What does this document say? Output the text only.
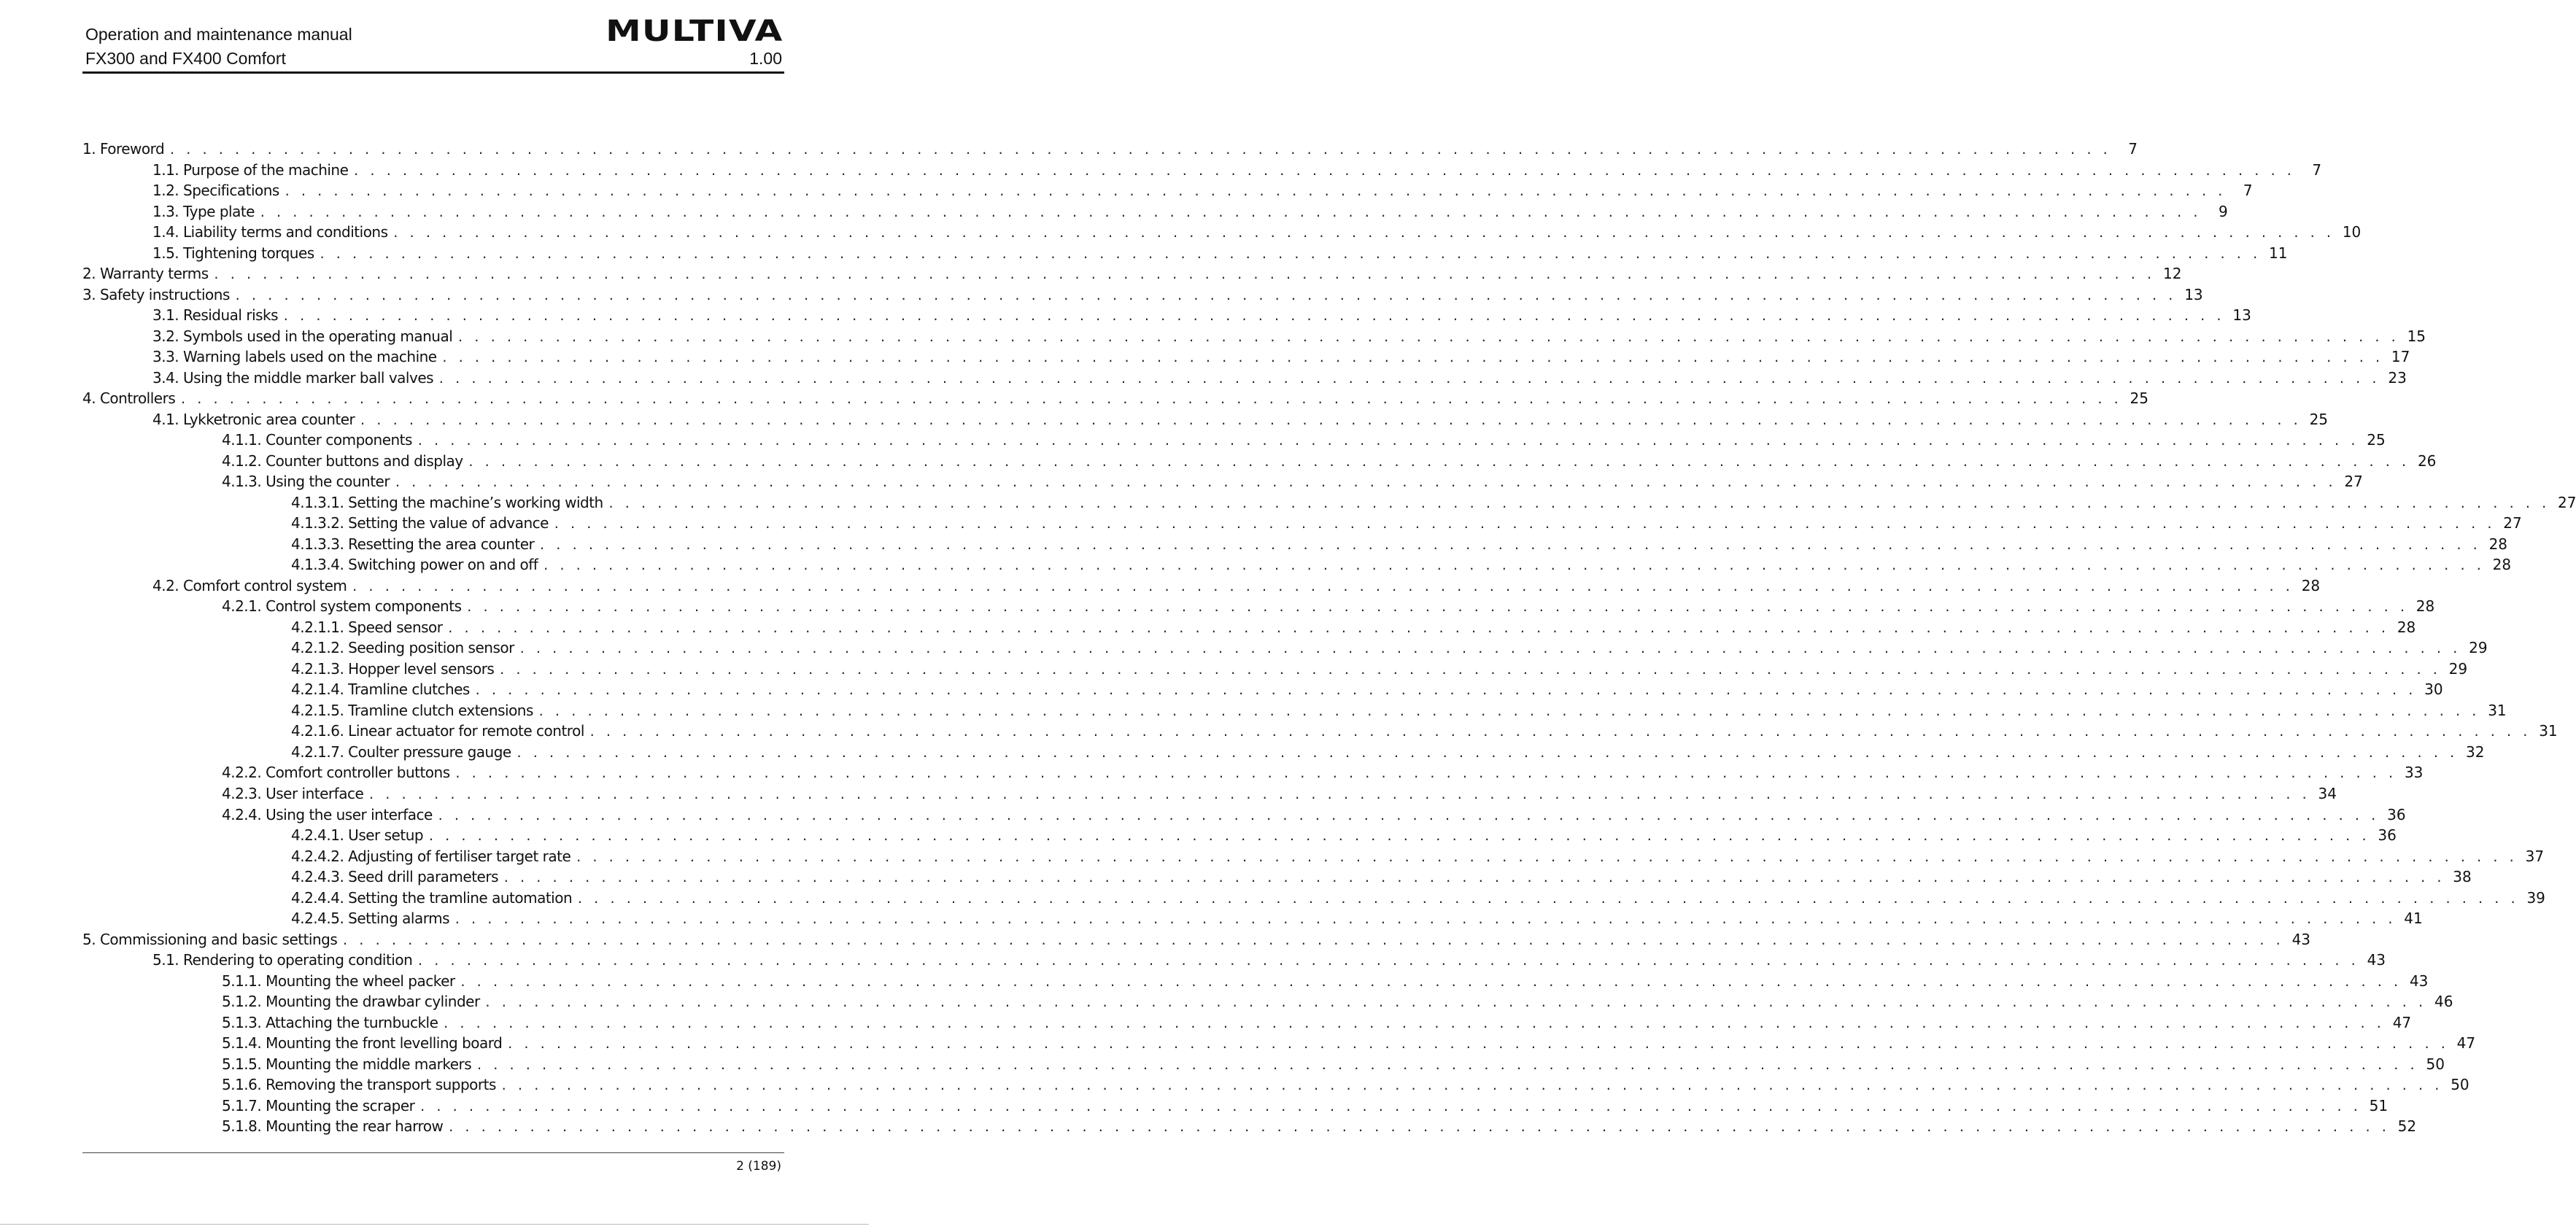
Operation and maintenance manual
FX300 and FX400 Comfort
MULTIVA
1.00
1. Foreword . . . . . . . . . . . . . . . . . . . . . . . . . . . . . . . . . . . . . . . . . . . . . . . . . . . . . . . . . . . . . . . . . . . . . . . . . . . . . . . . . . . . . . . . . . . . . . . . . . . . . . . . . . . . . . . . . . . . . . . .	7
1.1. Purpose of the machine . . . . . . . . . . . . . . . . . . . . . . . . . . . . . . . . . . . . . . . . . . . . . . . . . . . . . . . . . . . . . . . . . . . . . . . . . . . . . . . . . . . . . . . . . . . . . . . . . . . . . . . . . . . . . . . . . . . . . . . .	7
1.2. Specifications . . . . . . . . . . . . . . . . . . . . . . . . . . . . . . . . . . . . . . . . . . . . . . . . . . . . . . . . . . . . . . . . . . . . . . . . . . . . . . . . . . . . . . . . . . . . . . . . . . . . . . . . . . . . . . . . . . . . . . . .	7
1.3. Type plate . . . . . . . . . . . . . . . . . . . . . . . . . . . . . . . . . . . . . . . . . . . . . . . . . . . . . . . . . . . . . . . . . . . . . . . . . . . . . . . . . . . . . . . . . . . . . . . . . . . . . . . . . . . . . . . . . . . . . . . .	9
1.4. Liability terms and conditions . . . . . . . . . . . . . . . . . . . . . . . . . . . . . . . . . . . . . . . . . . . . . . . . . . . . . . . . . . . . . . . . . . . . . . . . . . . . . . . . . . . . . . . . . . . . . . . . . . . . . . . . . . . . . . . . . . . . . . . . 10
1.5. Tightening torques . . . . . . . . . . . . . . . . . . . . . . . . . . . . . . . . . . . . . . . . . . . . . . . . . . . . . . . . . . . . . . . . . . . . . . . . . . . . . . . . . . . . . . . . . . . . . . . . . . . . . . . . . . . . . . . . . . . . . . . . 11
2. Warranty terms . . . . . . . . . . . . . . . . . . . . . . . . . . . . . . . . . . . . . . . . . . . . . . . . . . . . . . . . . . . . . . . . . . . . . . . . . . . . . . . . . . . . . . . . . . . . . . . . . . . . . . . . . . . . . . . . . . . . . . . . 12
3. Safety instructions . . . . . . . . . . . . . . . . . . . . . . . . . . . . . . . . . . . . . . . . . . . . . . . . . . . . . . . . . . . . . . . . . . . . . . . . . . . . . . . . . . . . . . . . . . . . . . . . . . . . . . . . . . . . . . . . . . . . . . . . 13
3.1. Residual risks . . . . . . . . . . . . . . . . . . . . . . . . . . . . . . . . . . . . . . . . . . . . . . . . . . . . . . . . . . . . . . . . . . . . . . . . . . . . . . . . . . . . . . . . . . . . . . . . . . . . . . . . . . . . . . . . . . . . . . . . 13
3.2. Symbols used in the operating manual . . . . . . . . . . . . . . . . . . . . . . . . . . . . . . . . . . . . . . . . . . . . . . . . . . . . . . . . . . . . . . . . . . . . . . . . . . . . . . . . . . . . . . . . . . . . . . . . . . . . . . . . . . . . . . . . . . . . . . . . 15
3.3. Warning labels used on the machine . . . . . . . . . . . . . . . . . . . . . . . . . . . . . . . . . . . . . . . . . . . . . . . . . . . . . . . . . . . . . . . . . . . . . . . . . . . . . . . . . . . . . . . . . . . . . . . . . . . . . . . . . . . . . . . . . . . . . . . . 17
3.4. Using the middle marker ball valves . . . . . . . . . . . . . . . . . . . . . . . . . . . . . . . . . . . . . . . . . . . . . . . . . . . . . . . . . . . . . . . . . . . . . . . . . . . . . . . . . . . . . . . . . . . . . . . . . . . . . . . . . . . . . . . . . . . . . . . . 23
4. Controllers . . . . . . . . . . . . . . . . . . . . . . . . . . . . . . . . . . . . . . . . . . . . . . . . . . . . . . . . . . . . . . . . . . . . . . . . . . . . . . . . . . . . . . . . . . . . . . . . . . . . . . . . . . . . . . . . . . . . . . . . 25
4.1. Lykketronic area counter . . . . . . . . . . . . . . . . . . . . . . . . . . . . . . . . . . . . . . . . . . . . . . . . . . . . . . . . . . . . . . . . . . . . . . . . . . . . . . . . . . . . . . . . . . . . . . . . . . . . . . . . . . . . . . . . . . . . . . . . 25
4.1.1. Counter components . . . . . . . . . . . . . . . . . . . . . . . . . . . . . . . . . . . . . . . . . . . . . . . . . . . . . . . . . . . . . . . . . . . . . . . . . . . . . . . . . . . . . . . . . . . . . . . . . . . . . . . . . . . . . . . . . . . . . . . . 25
4.1.2. Counter buttons and display . . . . . . . . . . . . . . . . . . . . . . . . . . . . . . . . . . . . . . . . . . . . . . . . . . . . . . . . . . . . . . . . . . . . . . . . . . . . . . . . . . . . . . . . . . . . . . . . . . . . . . . . . . . . . . . . . . . . . . . . 26
4.1.3. Using the counter . . . . . . . . . . . . . . . . . . . . . . . . . . . . . . . . . . . . . . . . . . . . . . . . . . . . . . . . . . . . . . . . . . . . . . . . . . . . . . . . . . . . . . . . . . . . . . . . . . . . . . . . . . . . . . . . . . . . . . . . 27
4.1.3.1. Setting the machine’s working width . . . . . . . . . . . . . . . . . . . . . . . . . . . . . . . . . . . . . . . . . . . . . . . . . . . . . . . . . . . . . . . . . . . . . . . . . . . . . . . . . . . . . . . . . . . . . . . . . . . . . . . . . . . . . . . . . . . . . . . . 27
4.1.3.2. Setting the value of advance . . . . . . . . . . . . . . . . . . . . . . . . . . . . . . . . . . . . . . . . . . . . . . . . . . . . . . . . . . . . . . . . . . . . . . . . . . . . . . . . . . . . . . . . . . . . . . . . . . . . . . . . . . . . . . . . . . . . . . . . 27
4.1.3.3. Resetting the area counter . . . . . . . . . . . . . . . . . . . . . . . . . . . . . . . . . . . . . . . . . . . . . . . . . . . . . . . . . . . . . . . . . . . . . . . . . . . . . . . . . . . . . . . . . . . . . . . . . . . . . . . . . . . . . . . . . . . . . . . . 28
4.1.3.4. Switching power on and off . . . . . . . . . . . . . . . . . . . . . . . . . . . . . . . . . . . . . . . . . . . . . . . . . . . . . . . . . . . . . . . . . . . . . . . . . . . . . . . . . . . . . . . . . . . . . . . . . . . . . . . . . . . . . . . . . . . . . . . . 28
4.2. Comfort control system . . . . . . . . . . . . . . . . . . . . . . . . . . . . . . . . . . . . . . . . . . . . . . . . . . . . . . . . . . . . . . . . . . . . . . . . . . . . . . . . . . . . . . . . . . . . . . . . . . . . . . . . . . . . . . . . . . . . . . . . 28
4.2.1. Control system components . . . . . . . . . . . . . . . . . . . . . . . . . . . . . . . . . . . . . . . . . . . . . . . . . . . . . . . . . . . . . . . . . . . . . . . . . . . . . . . . . . . . . . . . . . . . . . . . . . . . . . . . . . . . . . . . . . . . . . . . 28
4.2.1.1. Speed sensor . . . . . . . . . . . . . . . . . . . . . . . . . . . . . . . . . . . . . . . . . . . . . . . . . . . . . . . . . . . . . . . . . . . . . . . . . . . . . . . . . . . . . . . . . . . . . . . . . . . . . . . . . . . . . . . . . . . . . . . . 28
4.2.1.2. Seeding position sensor . . . . . . . . . . . . . . . . . . . . . . . . . . . . . . . . . . . . . . . . . . . . . . . . . . . . . . . . . . . . . . . . . . . . . . . . . . . . . . . . . . . . . . . . . . . . . . . . . . . . . . . . . . . . . . . . . . . . . . . . 29
4.2.1.3. Hopper level sensors . . . . . . . . . . . . . . . . . . . . . . . . . . . . . . . . . . . . . . . . . . . . . . . . . . . . . . . . . . . . . . . . . . . . . . . . . . . . . . . . . . . . . . . . . . . . . . . . . . . . . . . . . . . . . . . . . . . . . . . . 29
4.2.1.4. Tramline clutches . . . . . . . . . . . . . . . . . . . . . . . . . . . . . . . . . . . . . . . . . . . . . . . . . . . . . . . . . . . . . . . . . . . . . . . . . . . . . . . . . . . . . . . . . . . . . . . . . . . . . . . . . . . . . . . . . . . . . . . . 30
4.2.1.5. Tramline clutch extensions . . . . . . . . . . . . . . . . . . . . . . . . . . . . . . . . . . . . . . . . . . . . . . . . . . . . . . . . . . . . . . . . . . . . . . . . . . . . . . . . . . . . . . . . . . . . . . . . . . . . . . . . . . . . . . . . . . . . . . . . 31
4.2.1.6. Linear actuator for remote control . . . . . . . . . . . . . . . . . . . . . . . . . . . . . . . . . . . . . . . . . . . . . . . . . . . . . . . . . . . . . . . . . . . . . . . . . . . . . . . . . . . . . . . . . . . . . . . . . . . . . . . . . . . . . . . . . . . . . . . . 31
4.2.1.7. Coulter pressure gauge . . . . . . . . . . . . . . . . . . . . . . . . . . . . . . . . . . . . . . . . . . . . . . . . . . . . . . . . . . . . . . . . . . . . . . . . . . . . . . . . . . . . . . . . . . . . . . . . . . . . . . . . . . . . . . . . . . . . . . . . 32
4.2.2. Comfort controller buttons . . . . . . . . . . . . . . . . . . . . . . . . . . . . . . . . . . . . . . . . . . . . . . . . . . . . . . . . . . . . . . . . . . . . . . . . . . . . . . . . . . . . . . . . . . . . . . . . . . . . . . . . . . . . . . . . . . . . . . . . 33
4.2.3. User interface . . . . . . . . . . . . . . . . . . . . . . . . . . . . . . . . . . . . . . . . . . . . . . . . . . . . . . . . . . . . . . . . . . . . . . . . . . . . . . . . . . . . . . . . . . . . . . . . . . . . . . . . . . . . . . . . . . . . . . . . 34
4.2.4. Using the user interface . . . . . . . . . . . . . . . . . . . . . . . . . . . . . . . . . . . . . . . . . . . . . . . . . . . . . . . . . . . . . . . . . . . . . . . . . . . . . . . . . . . . . . . . . . . . . . . . . . . . . . . . . . . . . . . . . . . . . . . . 36
4.2.4.1. User setup . . . . . . . . . . . . . . . . . . . . . . . . . . . . . . . . . . . . . . . . . . . . . . . . . . . . . . . . . . . . . . . . . . . . . . . . . . . . . . . . . . . . . . . . . . . . . . . . . . . . . . . . . . . . . . . . . . . . . . . . 36
4.2.4.2. Adjusting of fertiliser target rate . . . . . . . . . . . . . . . . . . . . . . . . . . . . . . . . . . . . . . . . . . . . . . . . . . . . . . . . . . . . . . . . . . . . . . . . . . . . . . . . . . . . . . . . . . . . . . . . . . . . . . . . . . . . . . . . . . . . . . . . 37
4.2.4.3. Seed drill parameters . . . . . . . . . . . . . . . . . . . . . . . . . . . . . . . . . . . . . . . . . . . . . . . . . . . . . . . . . . . . . . . . . . . . . . . . . . . . . . . . . . . . . . . . . . . . . . . . . . . . . . . . . . . . . . . . . . . . . . . . 38
4.2.4.4. Setting the tramline automation . . . . . . . . . . . . . . . . . . . . . . . . . . . . . . . . . . . . . . . . . . . . . . . . . . . . . . . . . . . . . . . . . . . . . . . . . . . . . . . . . . . . . . . . . . . . . . . . . . . . . . . . . . . . . . . . . . . . . . . . 39
4.2.4.5. Setting alarms . . . . . . . . . . . . . . . . . . . . . . . . . . . . . . . . . . . . . . . . . . . . . . . . . . . . . . . . . . . . . . . . . . . . . . . . . . . . . . . . . . . . . . . . . . . . . . . . . . . . . . . . . . . . . . . . . . . . . . . . 41
5. Commissioning and basic settings . . . . . . . . . . . . . . . . . . . . . . . . . . . . . . . . . . . . . . . . . . . . . . . . . . . . . . . . . . . . . . . . . . . . . . . . . . . . . . . . . . . . . . . . . . . . . . . . . . . . . . . . . . . . . . . . . . . . . . . . 43
5.1. Rendering to operating condition . . . . . . . . . . . . . . . . . . . . . . . . . . . . . . . . . . . . . . . . . . . . . . . . . . . . . . . . . . . . . . . . . . . . . . . . . . . . . . . . . . . . . . . . . . . . . . . . . . . . . . . . . . . . . . . . . . . . . . . . 43
5.1.1. Mounting the wheel packer . . . . . . . . . . . . . . . . . . . . . . . . . . . . . . . . . . . . . . . . . . . . . . . . . . . . . . . . . . . . . . . . . . . . . . . . . . . . . . . . . . . . . . . . . . . . . . . . . . . . . . . . . . . . . . . . . . . . . . . . 43
5.1.2. Mounting the drawbar cylinder . . . . . . . . . . . . . . . . . . . . . . . . . . . . . . . . . . . . . . . . . . . . . . . . . . . . . . . . . . . . . . . . . . . . . . . . . . . . . . . . . . . . . . . . . . . . . . . . . . . . . . . . . . . . . . . . . . . . . . . . 46
5.1.3. Attaching the turnbuckle . . . . . . . . . . . . . . . . . . . . . . . . . . . . . . . . . . . . . . . . . . . . . . . . . . . . . . . . . . . . . . . . . . . . . . . . . . . . . . . . . . . . . . . . . . . . . . . . . . . . . . . . . . . . . . . . . . . . . . . . 47
5.1.4. Mounting the front levelling board . . . . . . . . . . . . . . . . . . . . . . . . . . . . . . . . . . . . . . . . . . . . . . . . . . . . . . . . . . . . . . . . . . . . . . . . . . . . . . . . . . . . . . . . . . . . . . . . . . . . . . . . . . . . . . . . . . . . . . . . 47
5.1.5. Mounting the middle markers . . . . . . . . . . . . . . . . . . . . . . . . . . . . . . . . . . . . . . . . . . . . . . . . . . . . . . . . . . . . . . . . . . . . . . . . . . . . . . . . . . . . . . . . . . . . . . . . . . . . . . . . . . . . . . . . . . . . . . . . 50
5.1.6. Removing the transport supports . . . . . . . . . . . . . . . . . . . . . . . . . . . . . . . . . . . . . . . . . . . . . . . . . . . . . . . . . . . . . . . . . . . . . . . . . . . . . . . . . . . . . . . . . . . . . . . . . . . . . . . . . . . . . . . . . . . . . . . . 50
5.1.7. Mounting the scraper . . . . . . . . . . . . . . . . . . . . . . . . . . . . . . . . . . . . . . . . . . . . . . . . . . . . . . . . . . . . . . . . . . . . . . . . . . . . . . . . . . . . . . . . . . . . . . . . . . . . . . . . . . . . . . . . . . . . . . . . 51
5.1.8. Mounting the rear harrow . . . . . . . . . . . . . . . . . . . . . . . . . . . . . . . . . . . . . . . . . . . . . . . . . . . . . . . . . . . . . . . . . . . . . . . . . . . . . . . . . . . . . . . . . . . . . . . . . . . . . . . . . . . . . . . . . . . . . . . . 52
2 (189)
